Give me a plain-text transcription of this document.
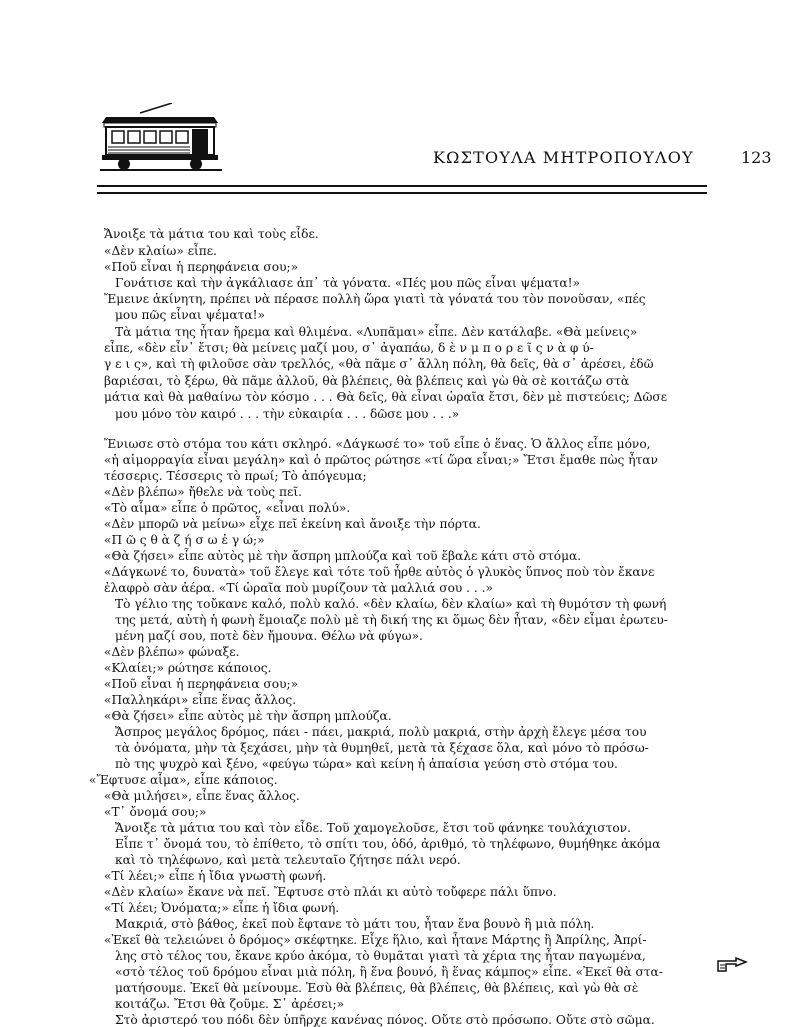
ΚΩΣΤΟΥΛΑ ΜΗΤΡΟΠΟΥΛΟΥ	123
Ἄνοιξε τὰ μάτια του καὶ τοὺς εἶδε.
«Δὲν κλαίω» εἶπε.
«Ποῦ εἶναι ἡ περηφάνεια σου;»
Γονάτισε καὶ τὴν ἀγκάλιασε ἀπ᾿ τὰ γόνατα. «Πές μου πῶς εἶναι ψέματα!»
Ἔμεινε ἀκίνητη, πρέπει νὰ πέρασε πολλὴ ὥρα γιατὶ τὰ γόνατά του τὸν πονοῦσαν, «πές
μου πῶς εἶναι ψέματα!»
Τὰ μάτια της ἦταν ἤρεμα καὶ θλιμένα. «Λυπᾶμαι» εἶπε. Δὲν κατάλαβε. «Θὰ μείνεις»
εἶπε, «δὲν εἶν᾿ ἔτσι; θὰ μείνεις μαζί μου, σ᾿ ἀγαπάω, δ ὲ ν μ π ο ρ ε ῖ ς ν ὰ φ ύ-
γ ε ι ς», καὶ τὴ φιλοῦσε σὰν τρελλός, «θὰ πᾶμε σ᾿ ἄλλη πόλη, θὰ δεῖς, θὰ σ᾿ ἀρέσει, ἐδῶ
βαριέσαι, τὸ ξέρω, θὰ πᾶμε ἀλλοῦ, θὰ βλέπεις, θὰ βλέπεις καὶ γὼ θὰ σὲ κοιτάζω στὰ
μάτια καὶ θὰ μαθαίνω τὸν κόσμο . . . Θὰ δεῖς, θὰ εἶναι ὡραῖα ἔτσι, δὲν μὲ πιστεύεις; Δῶσε
μου μόνο τὸν καιρό . . . τὴν εὐκαιρία . . . δῶσε μου . . .»
Ἔνιωσε στὸ στόμα του κάτι σκληρό. «Δάγκωσέ το» τοῦ εἶπε ὁ ἕνας. Ὁ ἄλλος εἶπε μόνο,
«ἡ αἱμορραγία εἶναι μεγάλη» καὶ ὁ πρῶτος ρώτησε «τί ὥρα εἶναι;» Ἔτσι ἔμαθε πὼς ἦταν
τέσσερις. Τέσσερις τὸ πρωί; Τὸ ἀπόγευμα;
«Δὲν βλέπω» ἤθελε νὰ τοὺς πεῖ.
«Τὸ αἷμα» εἶπε ὁ πρῶτος, «εἶναι πολύ».
«Δὲν μπορῶ νὰ μείνω» εἶχε πεῖ ἐκείνη καὶ ἄνοιξε τὴν πόρτα.
«Π ῶ ς θ ὰ ζ ή σ ω ἐ γ ώ;»
«Θὰ ζήσει» εἶπε αὐτὸς μὲ τὴν ἄσπρη μπλούζα καὶ τοῦ ἔβαλε κάτι στὸ στόμα.
«Δάγκωνέ το, δυνατὰ» τοῦ ἔλεγε καὶ τότε τοῦ ἦρθε αὐτὸς ὁ γλυκὸς ὕπνος ποὺ τὸν ἔκανε
ἐλαφρὸ σὰν ἀέρα. «Τί ὡραῖα ποὺ μυρίζουν τὰ μαλλιά σου . . .»
Τὸ γέλιο της τοὔκανε καλό, πολὺ καλό. «δὲν κλαίω, δὲν κλαίω» καὶ τὴ θυμότσν τὴ φωνή
της μετά, αὐτὴ ἡ φωνὴ ἔμοιαζε πολὺ μὲ τὴ δική της κι ὅμως δὲν ἦταν, «δὲν εἶμαι ἐρωτευ-
μένη μαζί σου, ποτὲ δὲν ἤμουνα. Θέλω νὰ φύγω».
«Δὲν βλέπω» φώναξε.
«Κλαίει;» ρώτησε κάποιος.
«Ποῦ εἶναι ἡ περηφάνεια σου;»
«Παλληκάρι» εἶπε ἕνας ἄλλος.
«Θὰ ζήσει» εἶπε αὐτὸς μὲ τὴν ἄσπρη μπλούζα.
Ἄσπρος μεγάλος δρόμος, πάει - πάει, μακριά, πολὺ μακριά, στὴν ἀρχὴ ἔλεγε μέσα του
τὰ ὀνόματα, μὴν τὰ ξεχάσει, μὴν τὰ θυμηθεῖ, μετὰ τὰ ξέχασε ὅλα, καὶ μόνο τὸ πρόσω-
πὸ της ψυχρὸ καὶ ξένο, «φεύγω τώρα» καὶ κείνη ἡ ἀπαίσια γεύση στὸ στόμα του.
«Ἔφτυσε αἷμα», εἶπε κάποιος.
«Θὰ μιλήσει», εἶπε ἕνας ἄλλος.
«Τ᾿ ὄνομά σου;»
Ἄνοιξε τὰ μάτια του καὶ τὸν εἶδε. Τοῦ χαμογελοῦσε, ἔτσι τοῦ φάνηκε τουλάχιστον.
Εἶπε τ᾿ ὄνομά του, τὸ ἐπίθετο, τὸ σπίτι του, ὁδό, ἀριθμό, τὸ τηλέφωνο, θυμήθηκε ἀκόμα
καὶ τὸ τηλέφωνο, καὶ μετὰ τελευταῖο ζήτησε πάλι νερό.
«Τί λέει;» εἶπε ἡ ἴδια γνωστὴ φωνή.
«Δὲν κλαίω» ἔκανε νὰ πεῖ. Ἔφτυσε στὸ πλάι κι αὐτὸ τοὔφερε πάλι ὕπνο.
«Τί λέει; Ὀνόματα;» εἶπε ἡ ἴδια φωνή.
Μακριά, στὸ βάθος, ἐκεῖ ποὺ ἔφτανε τὸ μάτι του, ἦταν ἕνα βουνὸ ἢ μιὰ πόλη.
«Ἐκεῖ θὰ τελειώνει ὁ δρόμος» σκέφτηκε. Εἶχε ἥλιο, καὶ ἦτανε Μάρτης ἢ Ἀπρίλης, Ἀπρί-
λης στὸ τέλος του, ἔκανε κρύο ἀκόμα, τὸ θυμᾶται γιατὶ τὰ χέρια της ἦταν παγωμένα,
«στὸ τέλος τοῦ δρόμου εἶναι μιὰ πόλη, ἢ ἕνα βουνό, ἢ ἕνας κάμπος» εἶπε. «Ἐκεῖ θὰ στα-
ματήσουμε. Ἐκεῖ θὰ μείνουμε. Ἐσὺ θὰ βλέπεις, θὰ βλέπεις, θὰ βλέπεις, καὶ γὼ θὰ σὲ
κοιτάζω. Ἔτσι θὰ ζοῦμε. Σ᾿ ἀρέσει;»
Στὸ ἀριστερό του πόδι δὲν ὑπῆρχε κανένας πόνος. Οὔτε στὸ πρόσωπο. Οὔτε στὸ σῶμα.
